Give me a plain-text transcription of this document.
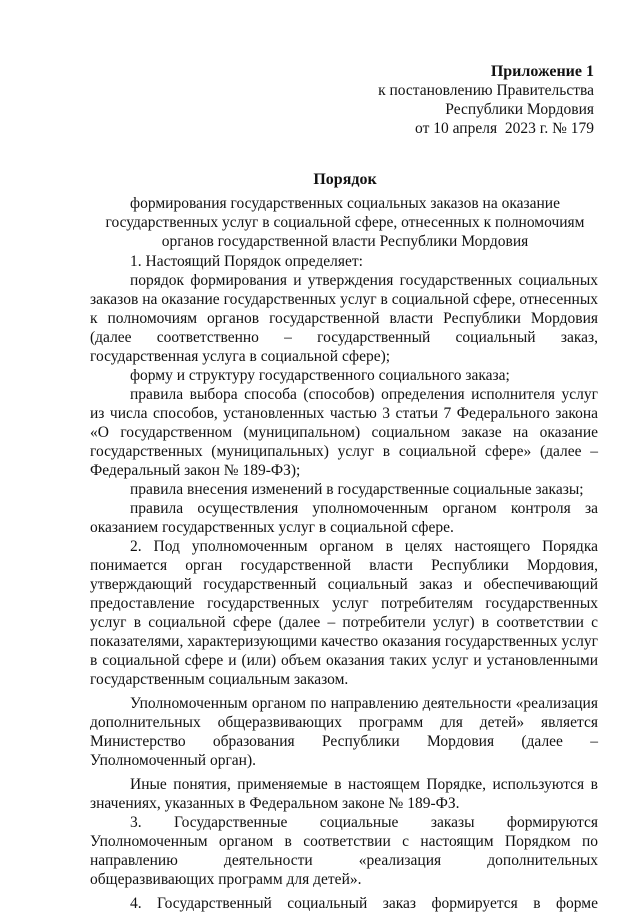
Приложение 1
к постановлению Правительства
Республики Мордовия
от 10 апреля 2023 г. № 179
Порядок
формирования государственных социальных заказов на оказание государственных услуг в социальной сфере, отнесенных к полномочиям органов государственной власти Республики Мордовия

1. Настоящий Порядок определяет:

порядок формирования и утверждения государственных социальных заказов на оказание государственных услуг в социальной сфере, отнесенных к полномочиям органов государственной власти Республики Мордовия (далее соответственно – государственный социальный заказ, государственная услуга в социальной сфере);

форму и структуру государственного социального заказа;

правила выбора способа (способов) определения исполнителя услуг из числа способов, установленных частью 3 статьи 7 Федерального закона «О государственном (муниципальном) социальном заказе на оказание государственных (муниципальных) услуг в социальной сфере» (далее – Федеральный закон № 189-ФЗ);

правила внесения изменений в государственные социальные заказы;

правила осуществления уполномоченным органом контроля за оказанием государственных услуг в социальной сфере.

2. Под уполномоченным органом в целях настоящего Порядка понимается орган государственной власти Республики Мордовия, утверждающий государственный социальный заказ и обеспечивающий предоставление государственных услуг потребителям государственных услуг в социальной сфере (далее – потребители услуг) в соответствии с показателями, характеризующими качество оказания государственных услуг в социальной сфере и (или) объем оказания таких услуг и установленными государственным социальным заказом.

Уполномоченным органом по направлению деятельности «реализация дополнительных общеразвивающих программ для детей» является Министерство образования Республики Мордовия (далее – Уполномоченный орган).

Иные понятия, применяемые в настоящем Порядке, используются в значениях, указанных в Федеральном законе № 189-ФЗ.

3. Государственные социальные заказы формируются Уполномоченным органом в соответствии с настоящим Порядком по направлению деятельности «реализация дополнительных общеразвивающих программ для детей».

4. Государственный социальный заказ формируется в форме
